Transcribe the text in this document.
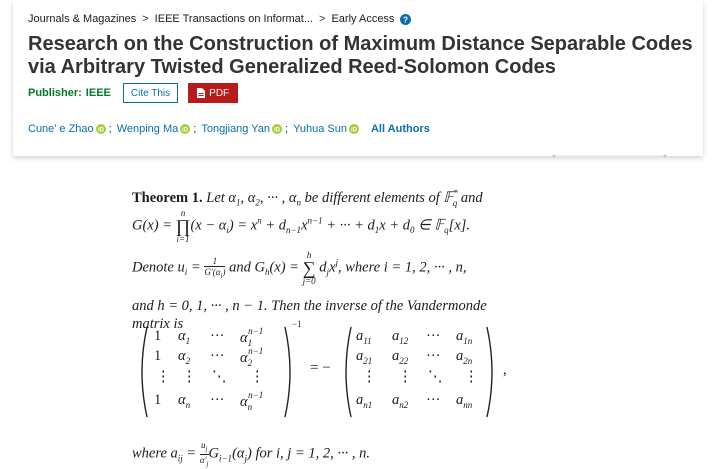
Journals & Magazines > IEEE Transactions on Informat... > Early Access ?
Research on the Construction of Maximum Distance Separable Codes via Arbitrary Twisted Generalized Reed-Solomon Codes
Publisher: IEEE	Cite This	PDF
Cune’ e Zhao iD ; Wenping Ma iD ; Tongjiang Yan iD ; Yuhua Sun iD All Authors
Theorem 1. Let $\alpha_1$, $\alpha_2$, ··· , $\alpha_n$ be different elements of 𝔽*$_q$ and
G(x) =
n
∏
i=1
$(x - \alpha_i) = x^n + d_{n-1}x^{n-1}$ + ··· + $d_1x + d_0$ ∈ 𝔽$_q$[x].
Denote $u_i = \frac{1}{G'(\alpha_i)}$ and $G_h(x)$ =
h
∑
j=0
$d_jx^j$, where i = 1, 2, ··· , n,
and h = 0, 1, ··· , n − 1. Then the inverse of the Vandermonde
matrix is
where $a_{ij} = \frac{u_j}{\alpha'_j} G_{i-1}(\alpha_j)$ for i, j = 1, 2, ··· , n.
1 $\alpha_1$ ··· $\alpha_1^{n-1}$
1 $\alpha_2$ ··· $\alpha_2^{n-1}$
⋮ ⋮ ⋱ ⋮
1 $\alpha_n$ ··· $\alpha_n^{n-1}$
−1
= −
$a_{11}$ $a_{12}$ ··· $a_{1n}$
$a_{21}$ $a_{22}$ ··· $a_{2n}$
⋮ ⋮ ⋱ ⋮
$a_{n1}$ $a_{n2}$ ··· $a_{nn}$
,
